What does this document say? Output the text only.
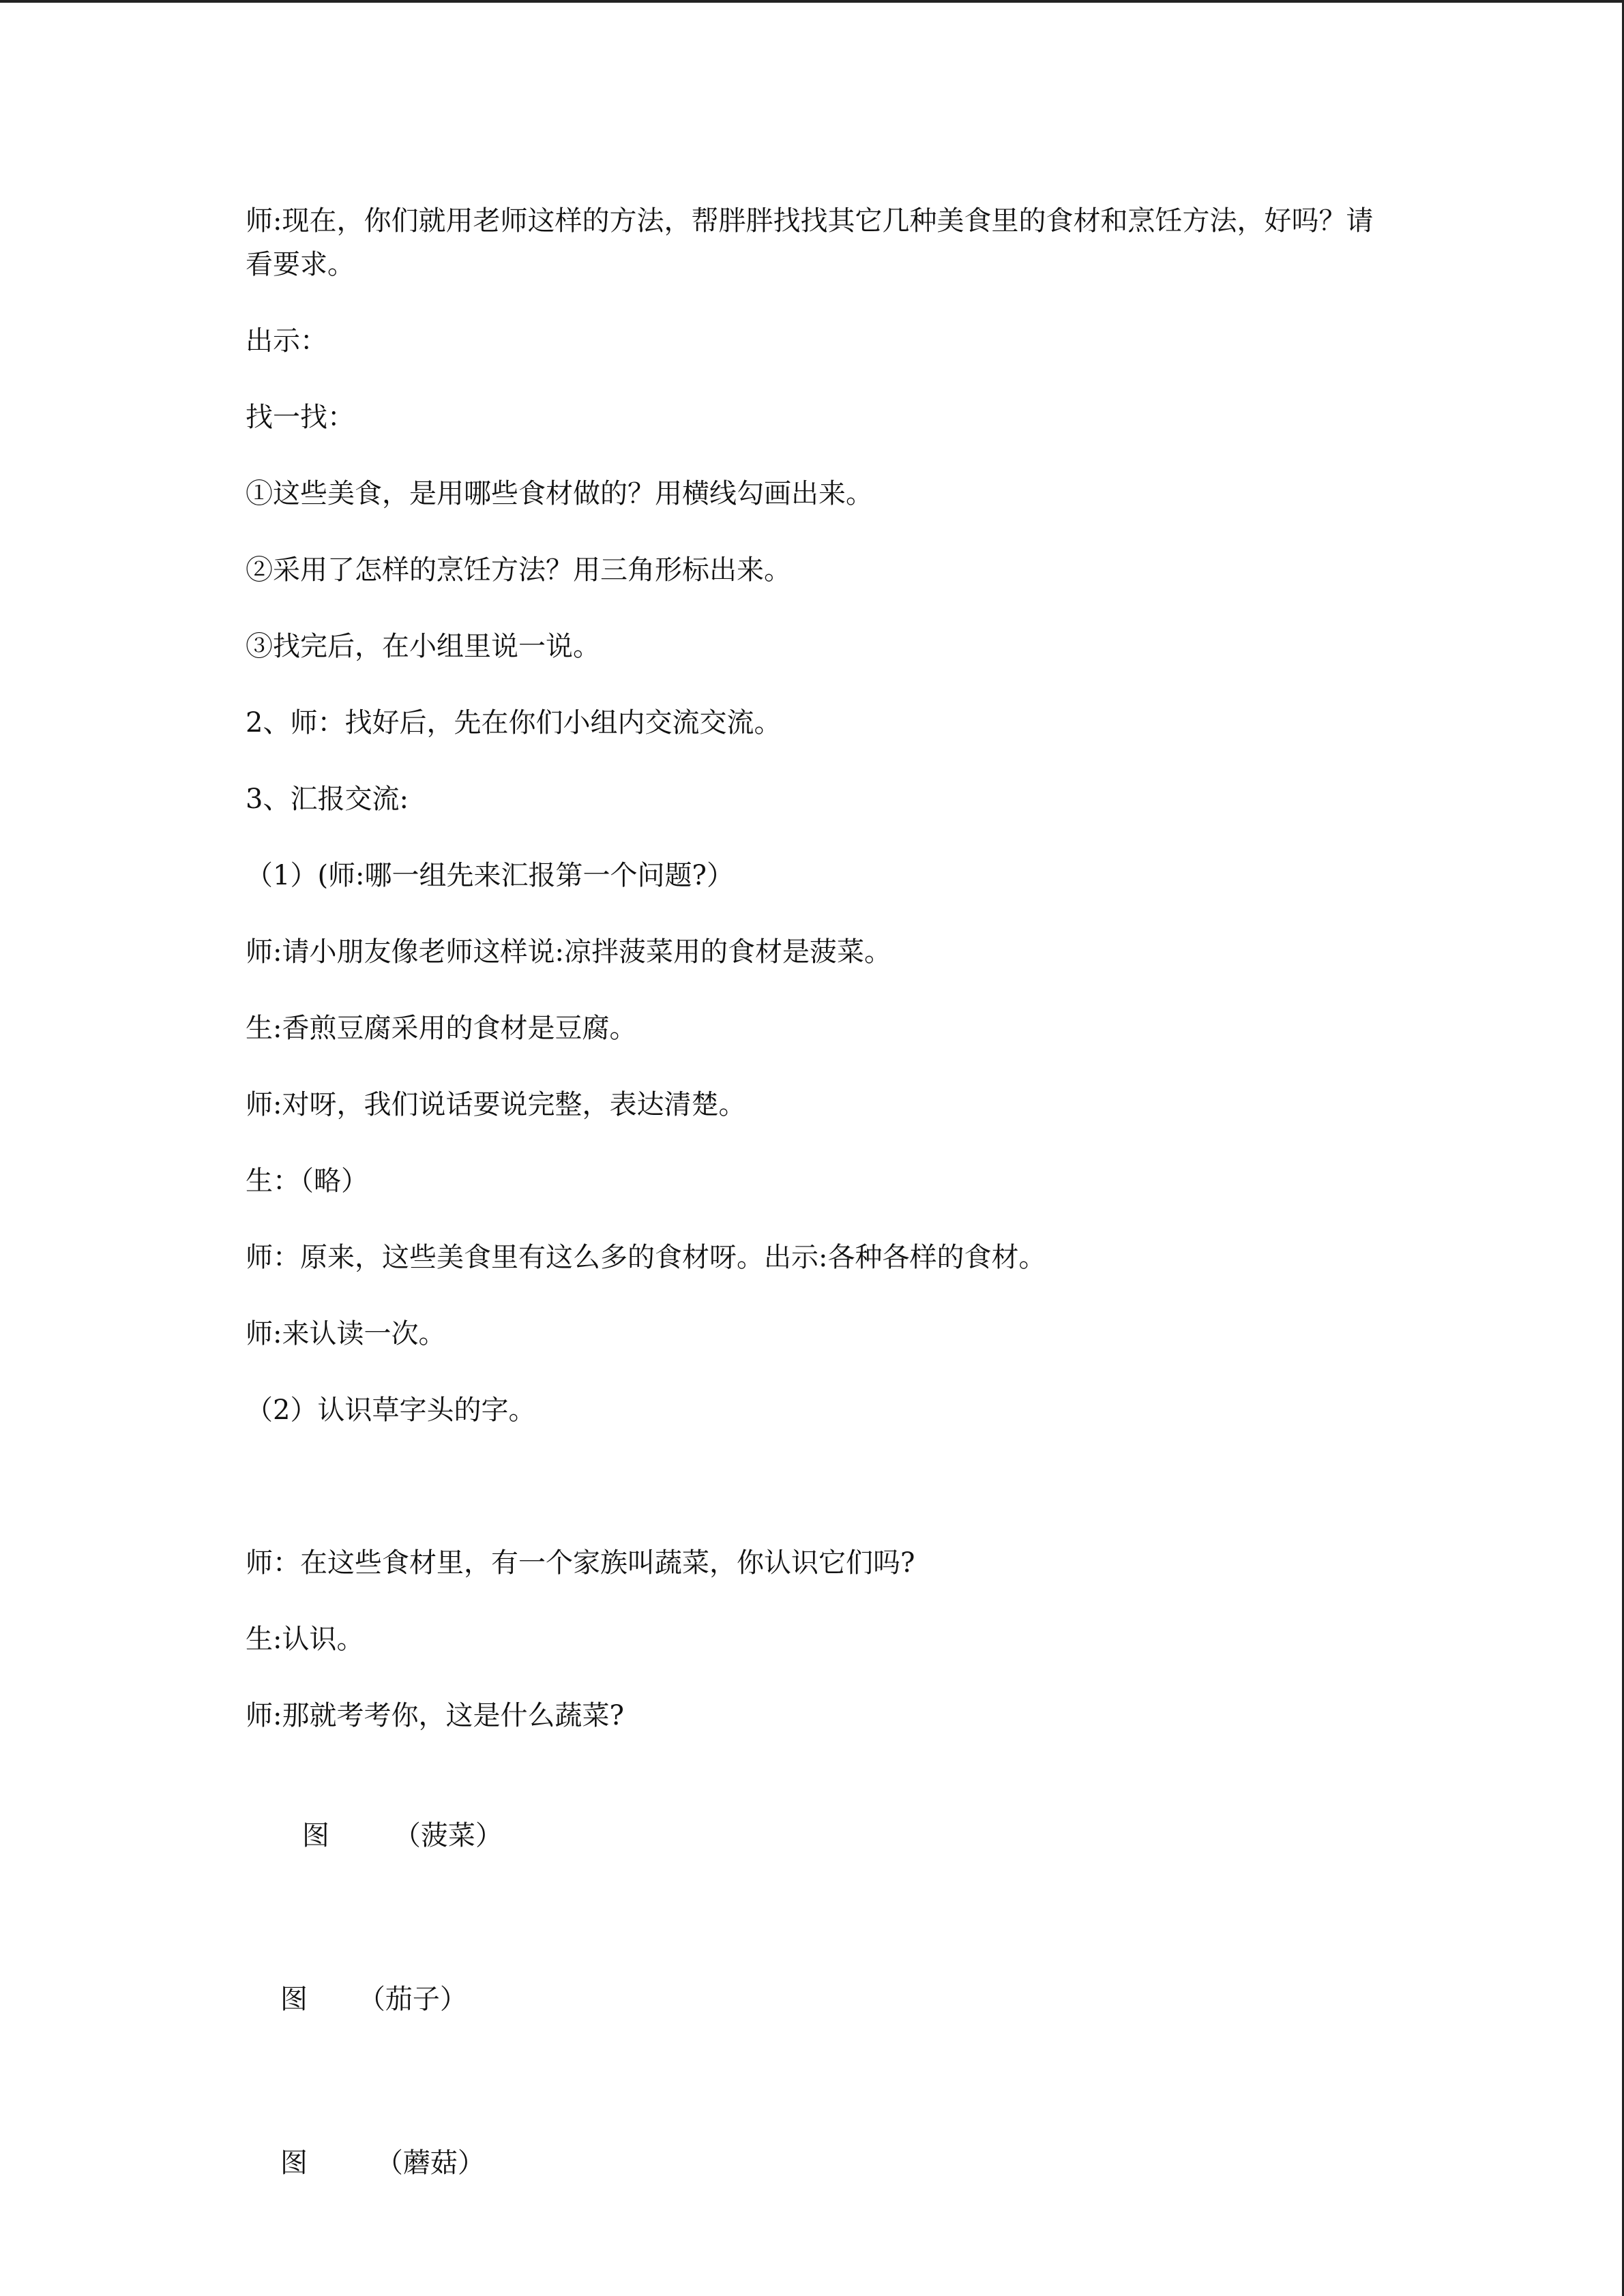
师:现在，你们就用老师这样的方法，帮胖胖找找其它几种美食里的食材和烹饪方法，好吗？请看要求。

出示：

找一找：

①这些美食，是用哪些食材做的？用横线勾画出来。

②采用了怎样的烹饪方法？用三角形标出来。

③找完后，在小组里说一说。

2、师：找好后，先在你们小组内交流交流。

3、汇报交流:

（1）(师:哪一组先来汇报第一个问题?）

师:请小朋友像老师这样说:凉拌菠菜用的食材是菠菜。

生:香煎豆腐采用的食材是豆腐。

师:对呀，我们说话要说完整，表达清楚。

生：（略）

师：原来，这些美食里有这么多的食材呀。出示:各种各样的食材。

师:来认读一次。

（2）认识草字头的字。

师：在这些食材里，有一个家族叫蔬菜，你认识它们吗?

生:认识。

师:那就考考你，这是什么蔬菜?

图 （菠菜）

图 （茄子）

图	（蘑菇）
